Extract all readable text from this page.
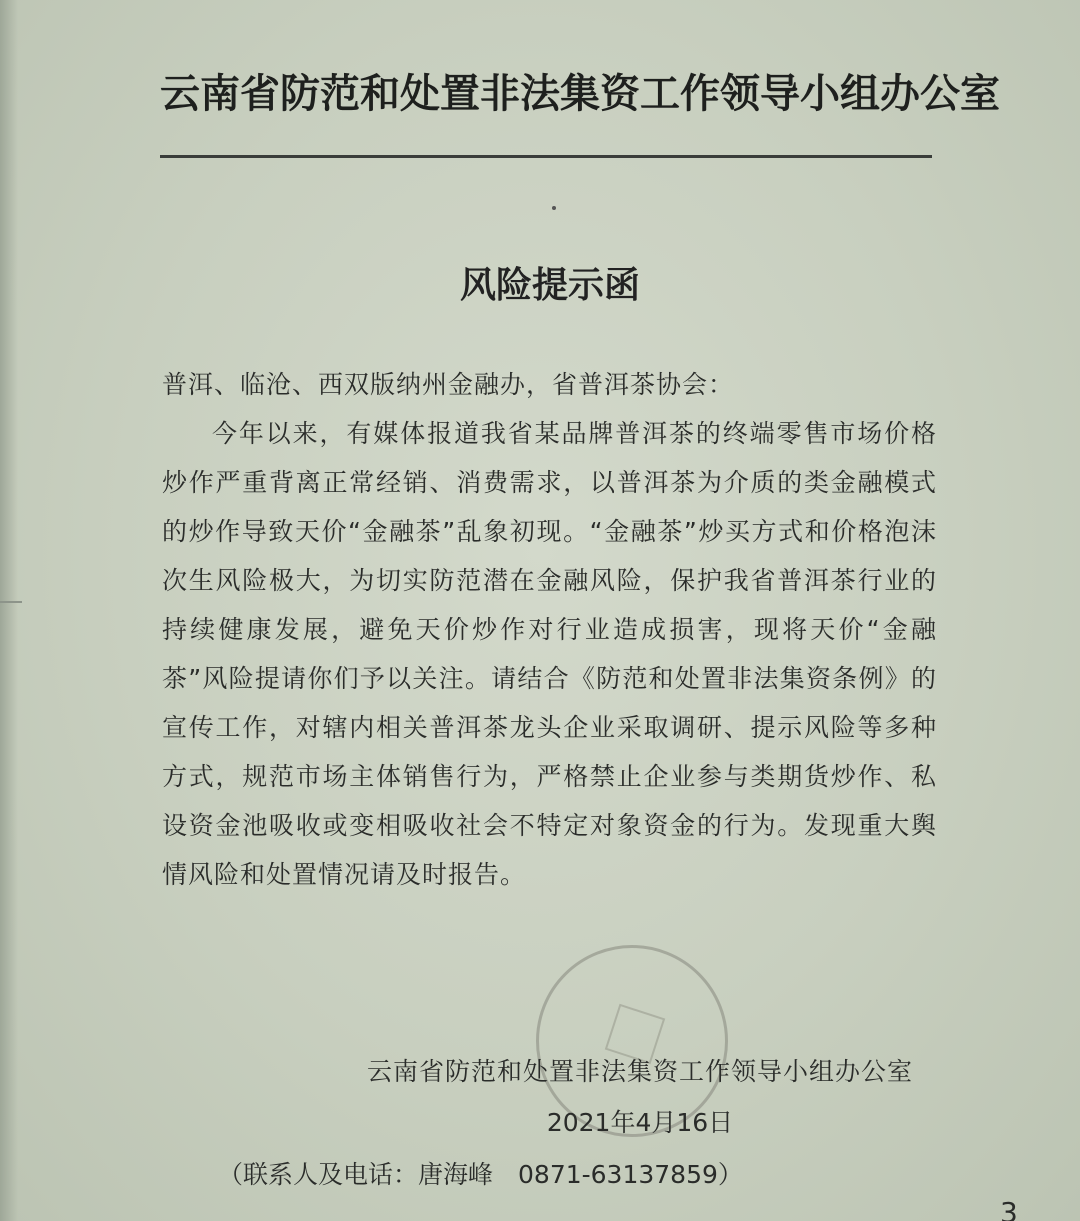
云南省防范和处置非法集资工作领导小组办公室
风险提示函

普洱、临沧、西双版纳州金融办，省普洱茶协会：

今年以来，有媒体报道我省某品牌普洱茶的终端零售市场价格炒作严重背离正常经销、消费需求，以普洱茶为介质的类金融模式的炒作导致天价“金融茶”乱象初现。“金融茶”炒买方式和价格泡沫次生风险极大，为切实防范潜在金融风险，保护我省普洱茶行业的持续健康发展，避免天价炒作对行业造成损害，现将天价“金融茶”风险提请你们予以关注。请结合《防范和处置非法集资条例》的宣传工作，对辖内相关普洱茶龙头企业采取调研、提示风险等多种方式，规范市场主体销售行为，严格禁止企业参与类期货炒作、私设资金池吸收或变相吸收社会不特定对象资金的行为。发现重大舆情风险和处置情况请及时报告。

云南省防范和处置非法集资工作领导小组办公室
2021年4月16日
（联系人及电话：唐海峰　0871-63137859）
3
